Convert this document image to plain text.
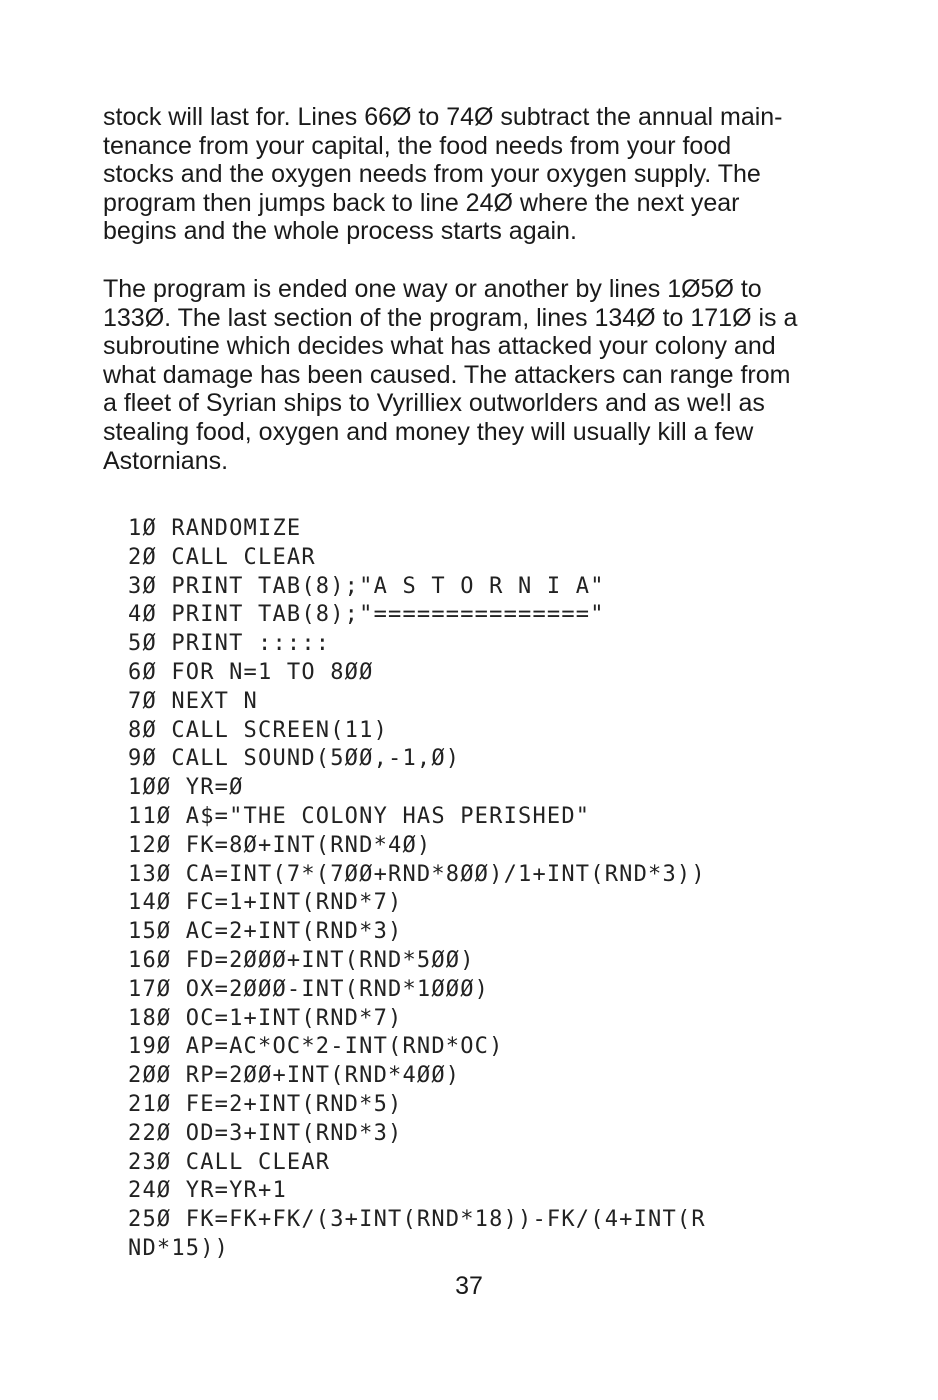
stock will last for. Lines 66Ø to 74Ø subtract the annual main-
tenance from your capital, the food needs from your food
stocks and the oxygen needs from your oxygen supply. The
program then jumps back to line 24Ø where the next year
begins and the whole process starts again.

The program is ended one way or another by lines 1Ø5Ø to
133Ø. The last section of the program, lines 134Ø to 171Ø is a
subroutine which decides what has attacked your colony and
what damage has been caused. The attackers can range from
a fleet of Syrian ships to Vyrilliex outworlders and as we!l as
stealing food, oxygen and money they will usually kill a few
Astornians.

1Ø RANDOMIZE
2Ø CALL CLEAR
3Ø PRINT TAB(8);"A S T O R N I A"
4Ø PRINT TAB(8);"==============="
5Ø PRINT :::::
6Ø FOR N=1 TO 8ØØ
7Ø NEXT N
8Ø CALL SCREEN(11)
9Ø CALL SOUND(5ØØ,-1,Ø)
1ØØ YR=Ø
11Ø A$="THE COLONY HAS PERISHED"
12Ø FK=8Ø+INT(RND*4Ø)
13Ø CA=INT(7*(7ØØ+RND*8ØØ)/1+INT(RND*3))
14Ø FC=1+INT(RND*7)
15Ø AC=2+INT(RND*3)
16Ø FD=2ØØØ+INT(RND*5ØØ)
17Ø OX=2ØØØ-INT(RND*1ØØØ)
18Ø OC=1+INT(RND*7)
19Ø AP=AC*OC*2-INT(RND*OC)
2ØØ RP=2ØØ+INT(RND*4ØØ)
21Ø FE=2+INT(RND*5)
22Ø OD=3+INT(RND*3)
23Ø CALL CLEAR
24Ø YR=YR+1
25Ø FK=FK+FK/(3+INT(RND*18))-FK/(4+INT(R
ND*15))
37
